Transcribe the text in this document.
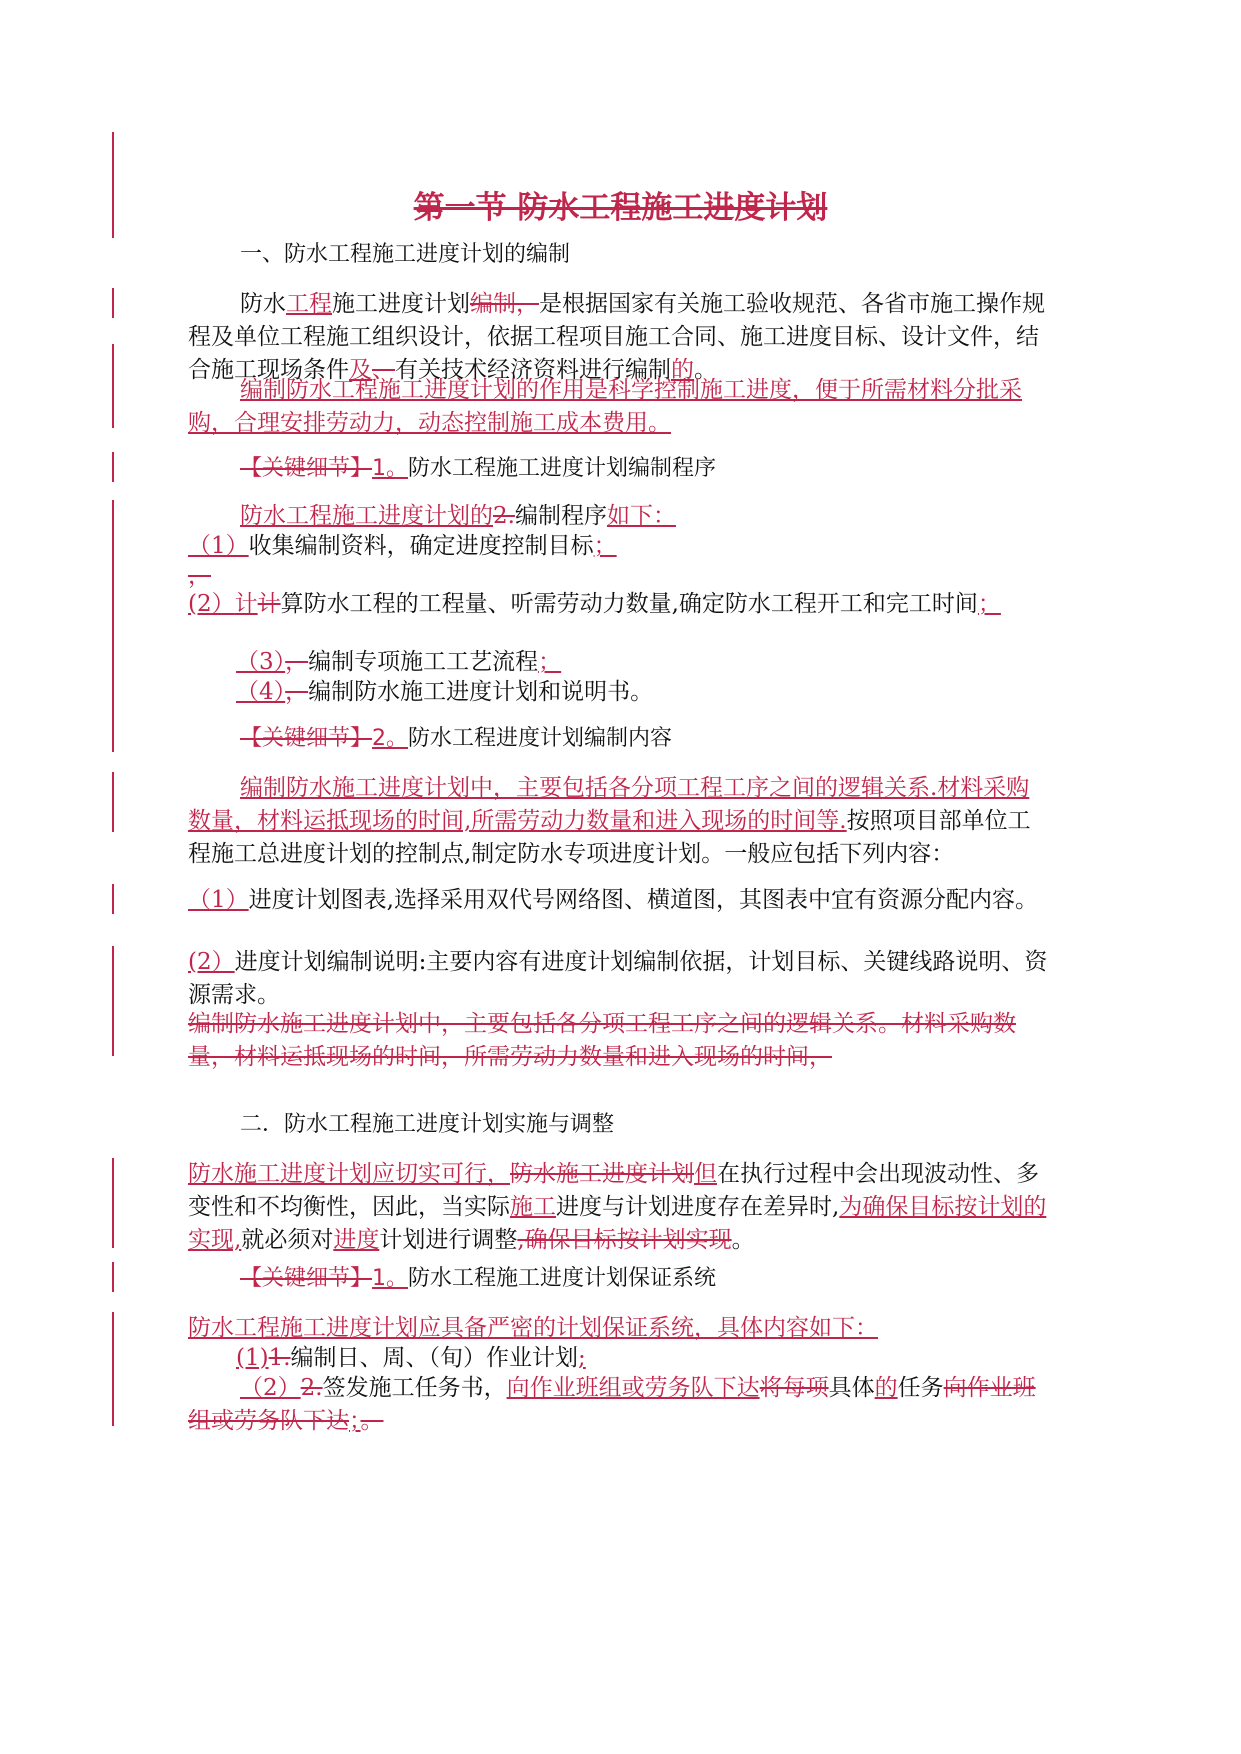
第一节 防水工程施工进度计划
一、防水工程施工进度计划的编制
防水工程施工进度计划编制，是根据国家有关施工验收规范、各省市施工操作规程及单位工程施工组织设计，依据工程项目施工合同、施工进度目标、设计文件，结合施工现场条件及、有关技术经济资料进行编制的。
编制防水工程施工进度计划的作用是科学控制施工进度，便于所需材料分批采购，合理安排劳动力，动态控制施工成本费用。
【关键细节】1。防水工程施工进度计划编制程序
防水工程施工进度计划的2.编制程序如下：
（1）收集编制资料，确定进度控制目标；
，
(2）计计算防水工程的工程量、听需劳动力数量,确定防水工程开工和完工时间；
（3），编制专项施工工艺流程；
（4），编制防水施工进度计划和说明书。
【关键细节】2。防水工程进度计划编制内容
编制防水施工进度计划中，主要包括各分项工程工序之间的逻辑关系.材料采购数量，材料运抵现场的时间,所需劳动力数量和进入现场的时间等.按照项目部单位工程施工总进度计划的控制点,制定防水专项进度计划。一般应包括下列内容：
（1）进度计划图表,选择采用双代号网络图、横道图，其图表中宜有资源分配内容。
(2）进度计划编制说明:主要内容有进度计划编制依据，计划目标、关键线路说明、资源需求。
编制防水施工进度计划中，主要包括各分项工程工序之间的逻辑关系。材料采购数量，材料运抵现场的时间，所需劳动力数量和进入现场的时间，
二．防水工程施工进度计划实施与调整
防水施工进度计划应切实可行，防水施工进度计划但在执行过程中会出现波动性、多变性和不均衡性，因此，当实际施工进度与计划进度存在差异时,为确保目标按计划的实现,就必须对进度计划进行调整,确保目标按计划实现。
【关键细节】1。防水工程施工进度计划保证系统
防水工程施工进度计划应具备严密的计划保证系统，具体内容如下：
(1)1.编制日、周、（旬）作业计划;
（2）2.签发施工任务书，向作业班组或劳务队下达将每项具体的任务向作业班组或劳务队下达；。
